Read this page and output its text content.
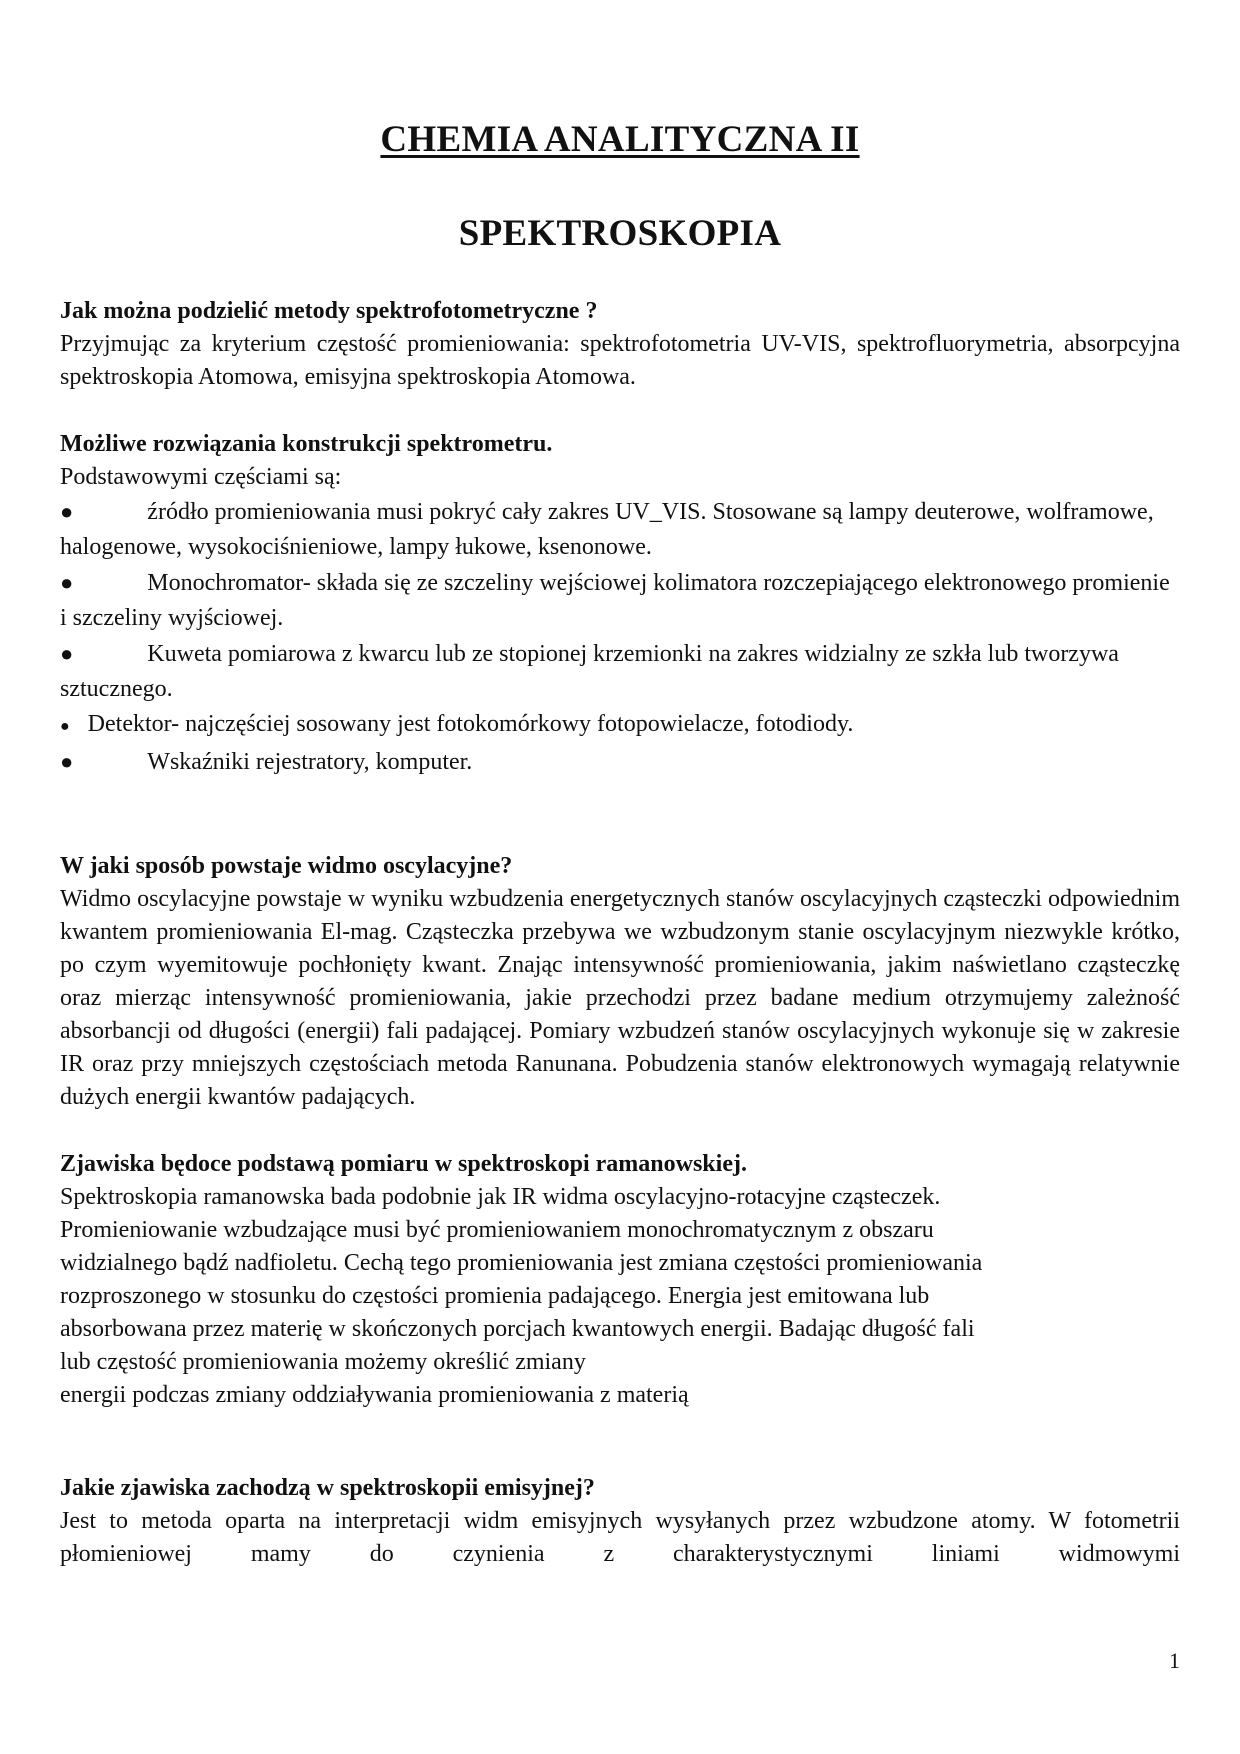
CHEMIA ANALITYCZNA II
SPEKTROSKOPIA
Jak można podzielić metody spektrofotometryczne ?

Przyjmując za kryterium częstość promieniowania: spektrofotometria UV-VIS, spektrofluorymetria, absorpcyjna spektroskopia Atomowa, emisyjna spektroskopia Atomowa.

Możliwe rozwiązania konstrukcji spektrometru.

Podstawowymi częściami są:

●	źródło promieniowania musi pokryć cały zakres UV_VIS. Stosowane są lampy deuterowe, wolframowe, halogenowe, wysokociśnieniowe, lampy łukowe, ksenonowe.
●	Monochromator- składa się ze szczeliny wejściowej kolimatora rozczepiającego elektronowego promienie i szczeliny wyjściowej.
●	Kuweta pomiarowa z kwarcu lub ze stopionej krzemionki na zakres widzialny ze szkła lub tworzywa sztucznego.
● Detektor- najczęściej sosowany jest fotokomórkowy fotopowielacze, fotodiody.
●	Wskaźniki rejestratory, komputer.
W jaki sposób powstaje widmo oscylacyjne?

Widmo oscylacyjne powstaje w wyniku wzbudzenia energetycznych stanów oscylacyjnych cząsteczki odpowiednim kwantem promieniowania El-mag. Cząsteczka przebywa we wzbudzonym stanie oscylacyjnym niezwykle krótko, po czym wyemitowuje pochłonięty kwant. Znając intensywność promieniowania, jakim naświetlano cząsteczkę oraz mierząc intensywność promieniowania, jakie przechodzi przez badane medium otrzymujemy zależność absorbancji od długości (energii) fali padającej. Pomiary wzbudzeń stanów oscylacyjnych wykonuje się w zakresie IR oraz przy mniejszych częstościach metoda Ranunana. Pobudzenia stanów elektronowych wymagają relatywnie dużych energii kwantów padających.

Zjawiska będoce podstawą pomiaru w spektroskopi ramanowskiej.

Spektroskopia ramanowska bada podobnie jak IR widma oscylacyjno-rotacyjne cząsteczek.

Promieniowanie wzbudzające musi być promieniowaniem monochromatycznym z obszaru

widzialnego bądź nadfioletu. Cechą tego promieniowania jest zmiana częstości promieniowania

rozproszonego w stosunku do częstości promienia padającego. Energia jest emitowana lub

absorbowana przez materię w skończonych porcjach kwantowych energii. Badając długość fali

lub częstość promieniowania możemy określić zmiany

energii podczas zmiany oddziaływania promieniowania z materią

Jakie zjawiska zachodzą w spektroskopii emisyjnej?

Jest to metoda oparta na interpretacji widm emisyjnych wysyłanych przez wzbudzone atomy. W fotometrii płomieniowej mamy do czynienia z charakterystycznymi liniami widmowymi

1
